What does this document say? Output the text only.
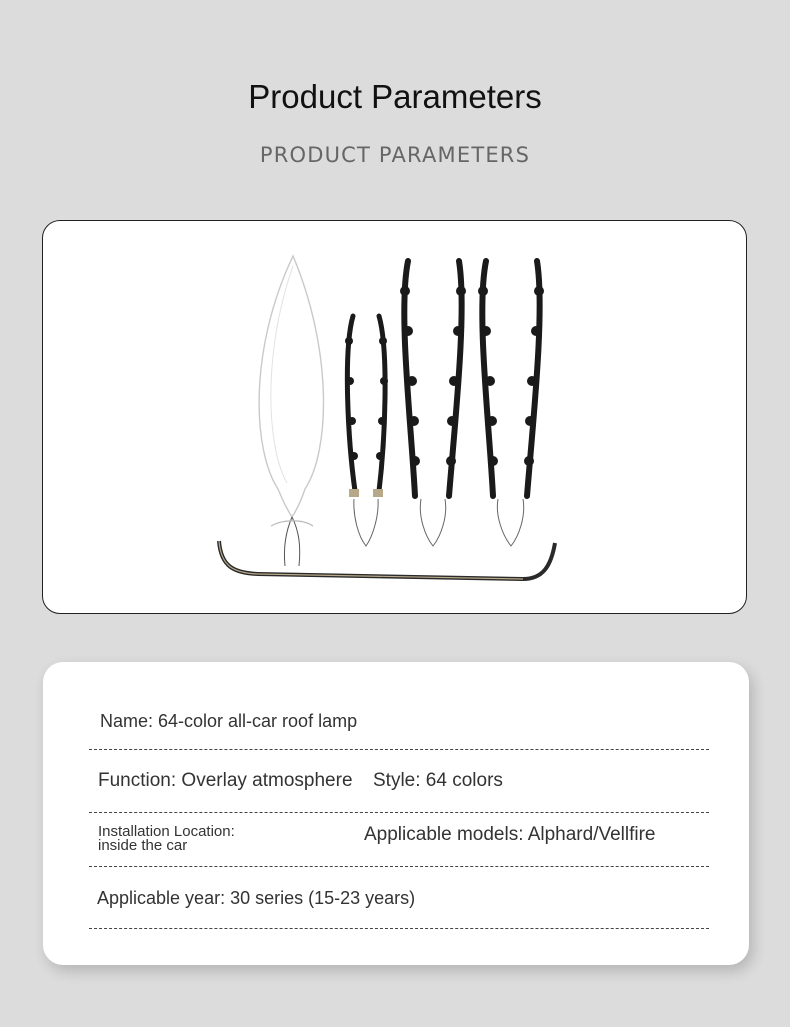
Product Parameters
PRODUCT PARAMETERS
Name: 64-color all-car roof lamp
Function: Overlay atmosphere Style: 64 colors
Installation Location:
inside the car
Applicable models: Alphard/Vellfire
Applicable year: 30 series (15-23 years)
